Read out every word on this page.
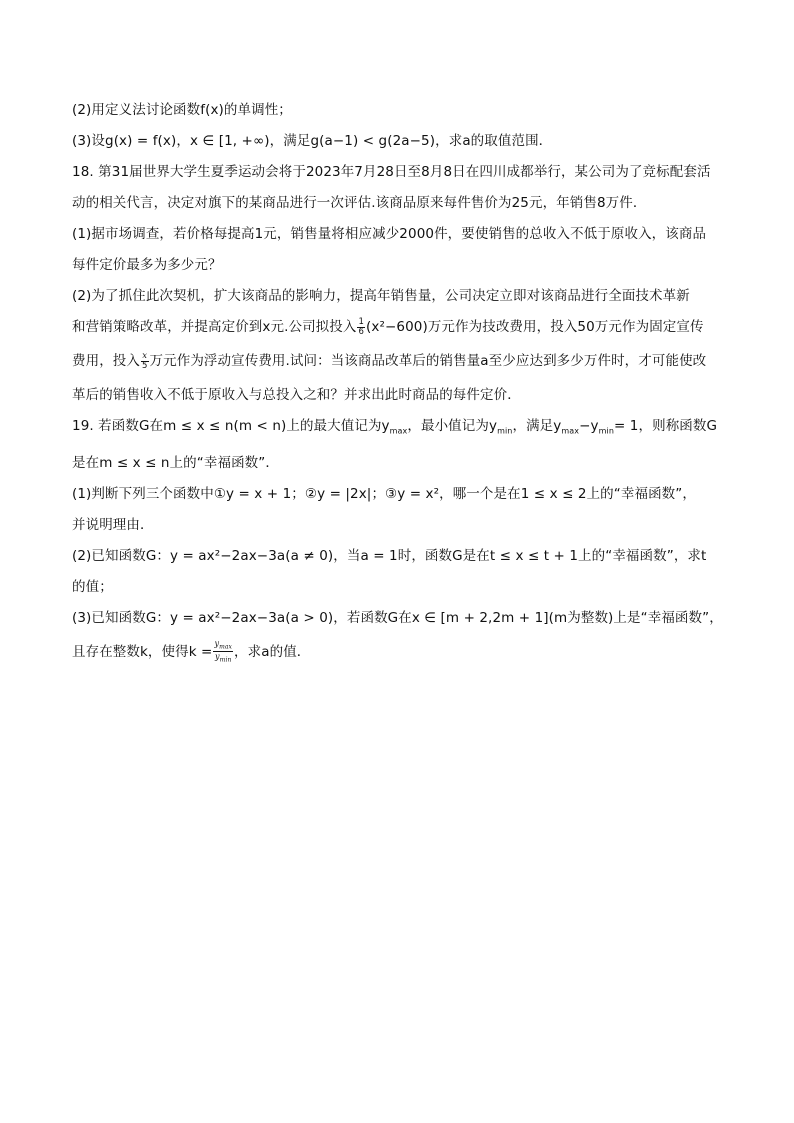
(2)用定义法讨论函数f(x)的单调性；

(3)设g(x) = f(x)，x ∈ [1, +∞)，满足g(a−1) < g(2a−5)，求a的取值范围．

18. 第31届世界大学生夏季运动会将于2023年7月28日至8月8日在四川成都举行，某公司为了竞标配套活

动的相关代言，决定对旗下的某商品进行一次评估.该商品原来每件售价为25元，年销售8万件．

(1)据市场调查，若价格每提高1元，销售量将相应减少2000件，要使销售的总收入不低于原收入，该商品

每件定价最多为多少元？

(2)为了抓住此次契机，扩大该商品的影响力，提高年销售量，公司决定立即对该商品进行全面技术革新

和营销策略改革，并提高定价到x元.公司拟投入 $\frac{1}{6} (x^2-600)$万元作为技改费用，投入50万元作为固定宣传

费用，投入 $\frac{x}{5}$ 万元作为浮动宣传费用.试问：当该商品改革后的销售量a至少应达到多少万件时，才可能使改

革后的销售收入不低于原收入与总投入之和？并求出此时商品的每件定价．

19. 若函数G在m ≤ x ≤ n(m < n)上的最大值记为$y_{max}$，最小值记为$y_{min}$，满足$y_{max}-y_{min}= 1$，则称函数G

是在m ≤ x ≤ n上的“幸福函数”．

(1)判断下列三个函数中①y = x + 1；②y = |2x|；③y = x²，哪一个是在1 ≤ x ≤ 2上的“幸福函数”，

并说明理由．

(2)已知函数G：y = ax²−2ax−3a(a ≠ 0)，当a = 1时，函数G是在t ≤ x ≤ t + 1上的“幸福函数”，求t

的值；

(3)已知函数G：y = ax²−2ax−3a(a > 0)，若函数G在x ∈ [m + 2,2m + 1](m为整数)上是“幸福函数”，

且存在整数k，使得$k = \frac{y_{max}}{y_{min}}$ ，求a的值．
